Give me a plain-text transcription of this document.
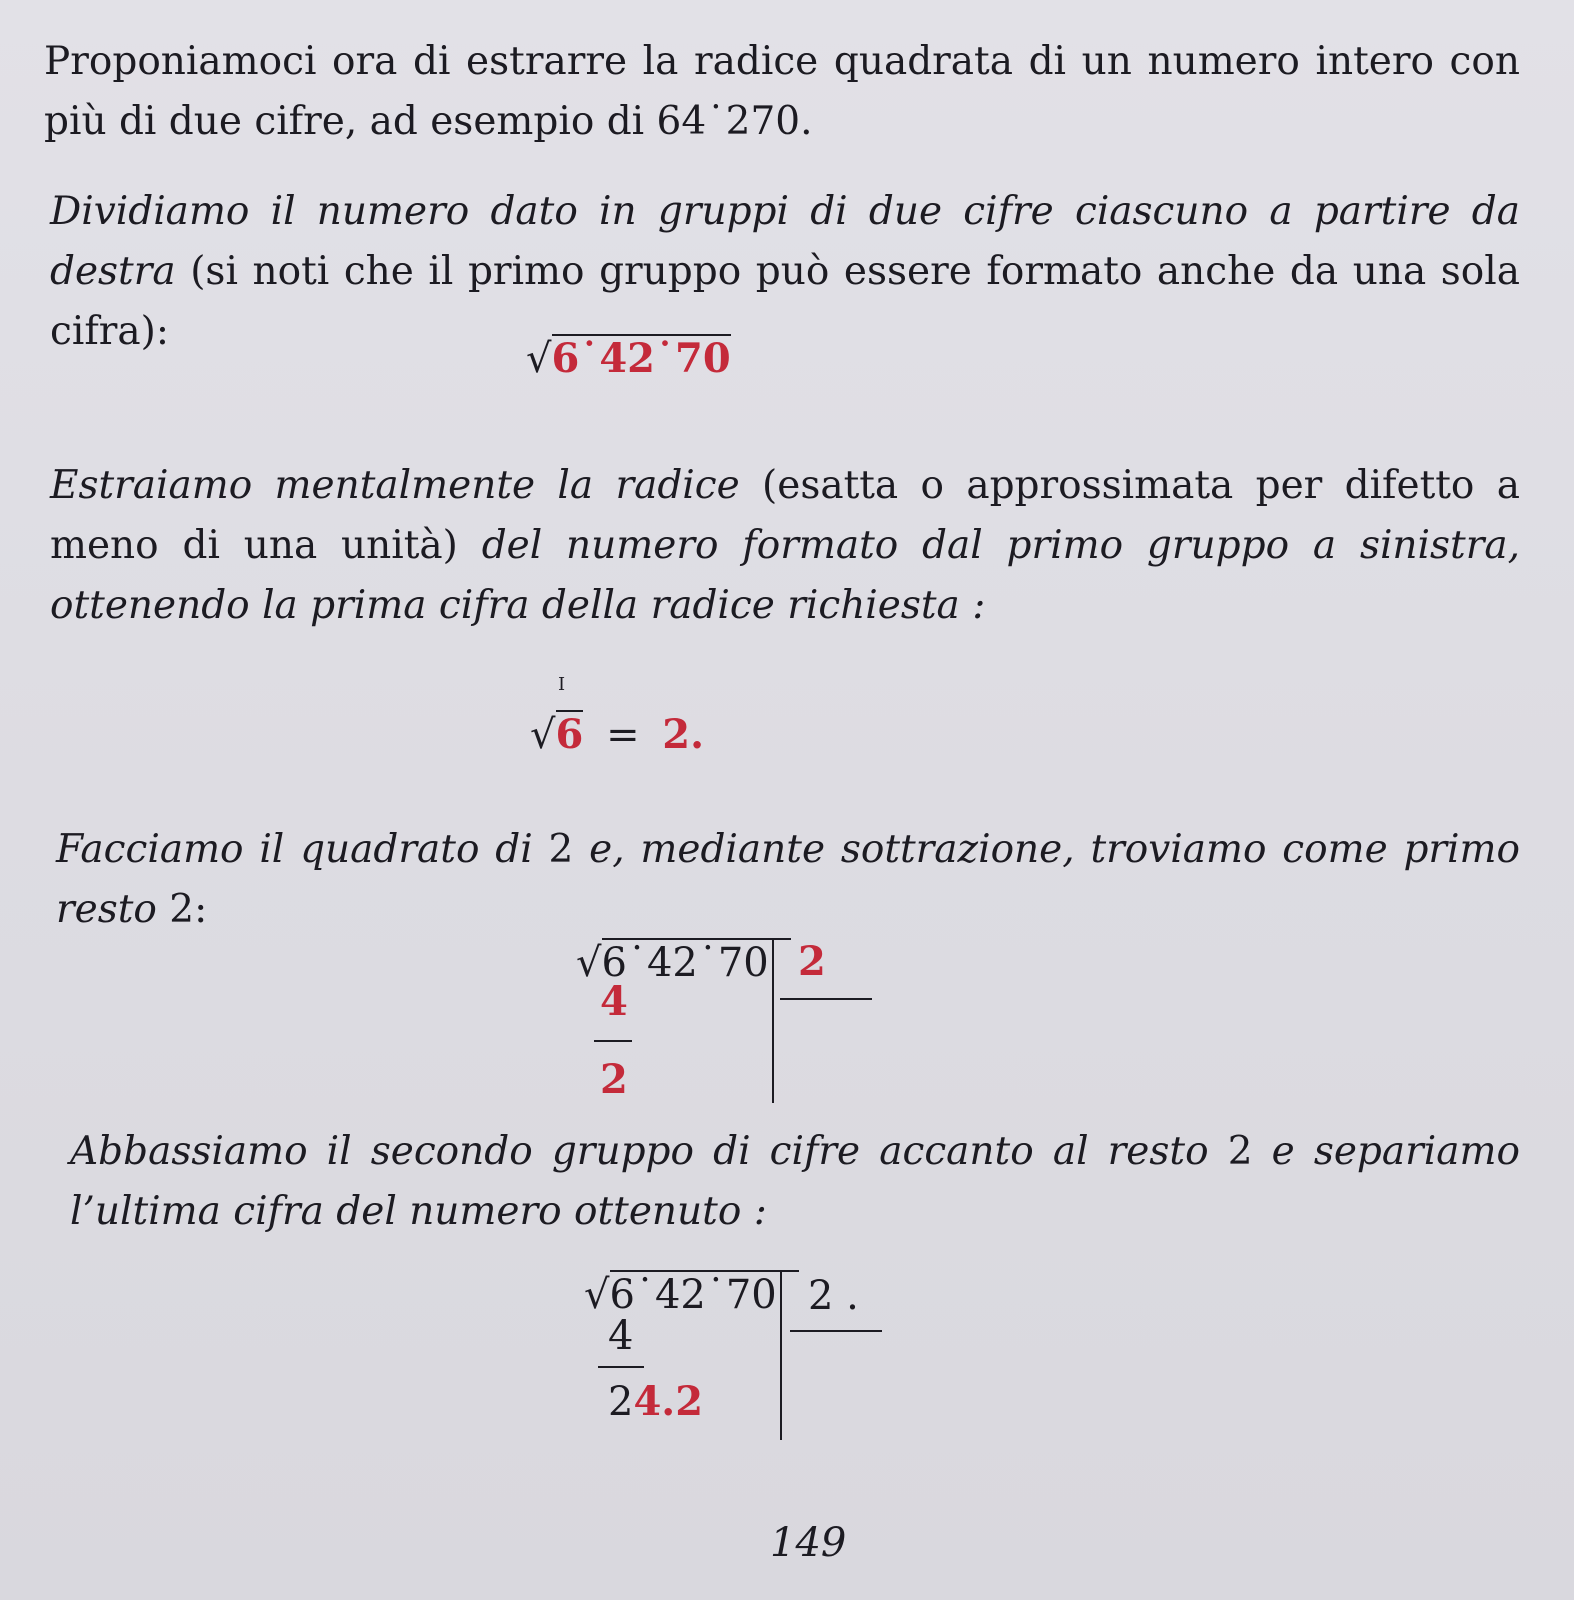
Proponiamoci ora di estrarre la radice quadrata di un numero intero con più di due cifre, ad esempio di 64˙270.

Dividiamo il numero dato in gruppi di due cifre ciascuno a partire da destra (si noti che il primo gruppo può essere formato anche da una sola cifra):

√6˙42˙70

Estraiamo mentalmente la radice (esatta o approssimata per difetto a meno di una unità) del numero formato dal primo gruppo a sinistra, ottenendo la prima cifra della radice richiesta :

I
√6 = 2.

Facciamo il quadrato di 2 e, mediante sottrazione, troviamo come primo resto 2:

√6˙42˙70 2
4
2

Abbassiamo il secondo gruppo di cifre accanto al resto 2 e separiamo l’ultima cifra del numero ottenuto :

√6˙42˙70 2 .
4
24.2
149
